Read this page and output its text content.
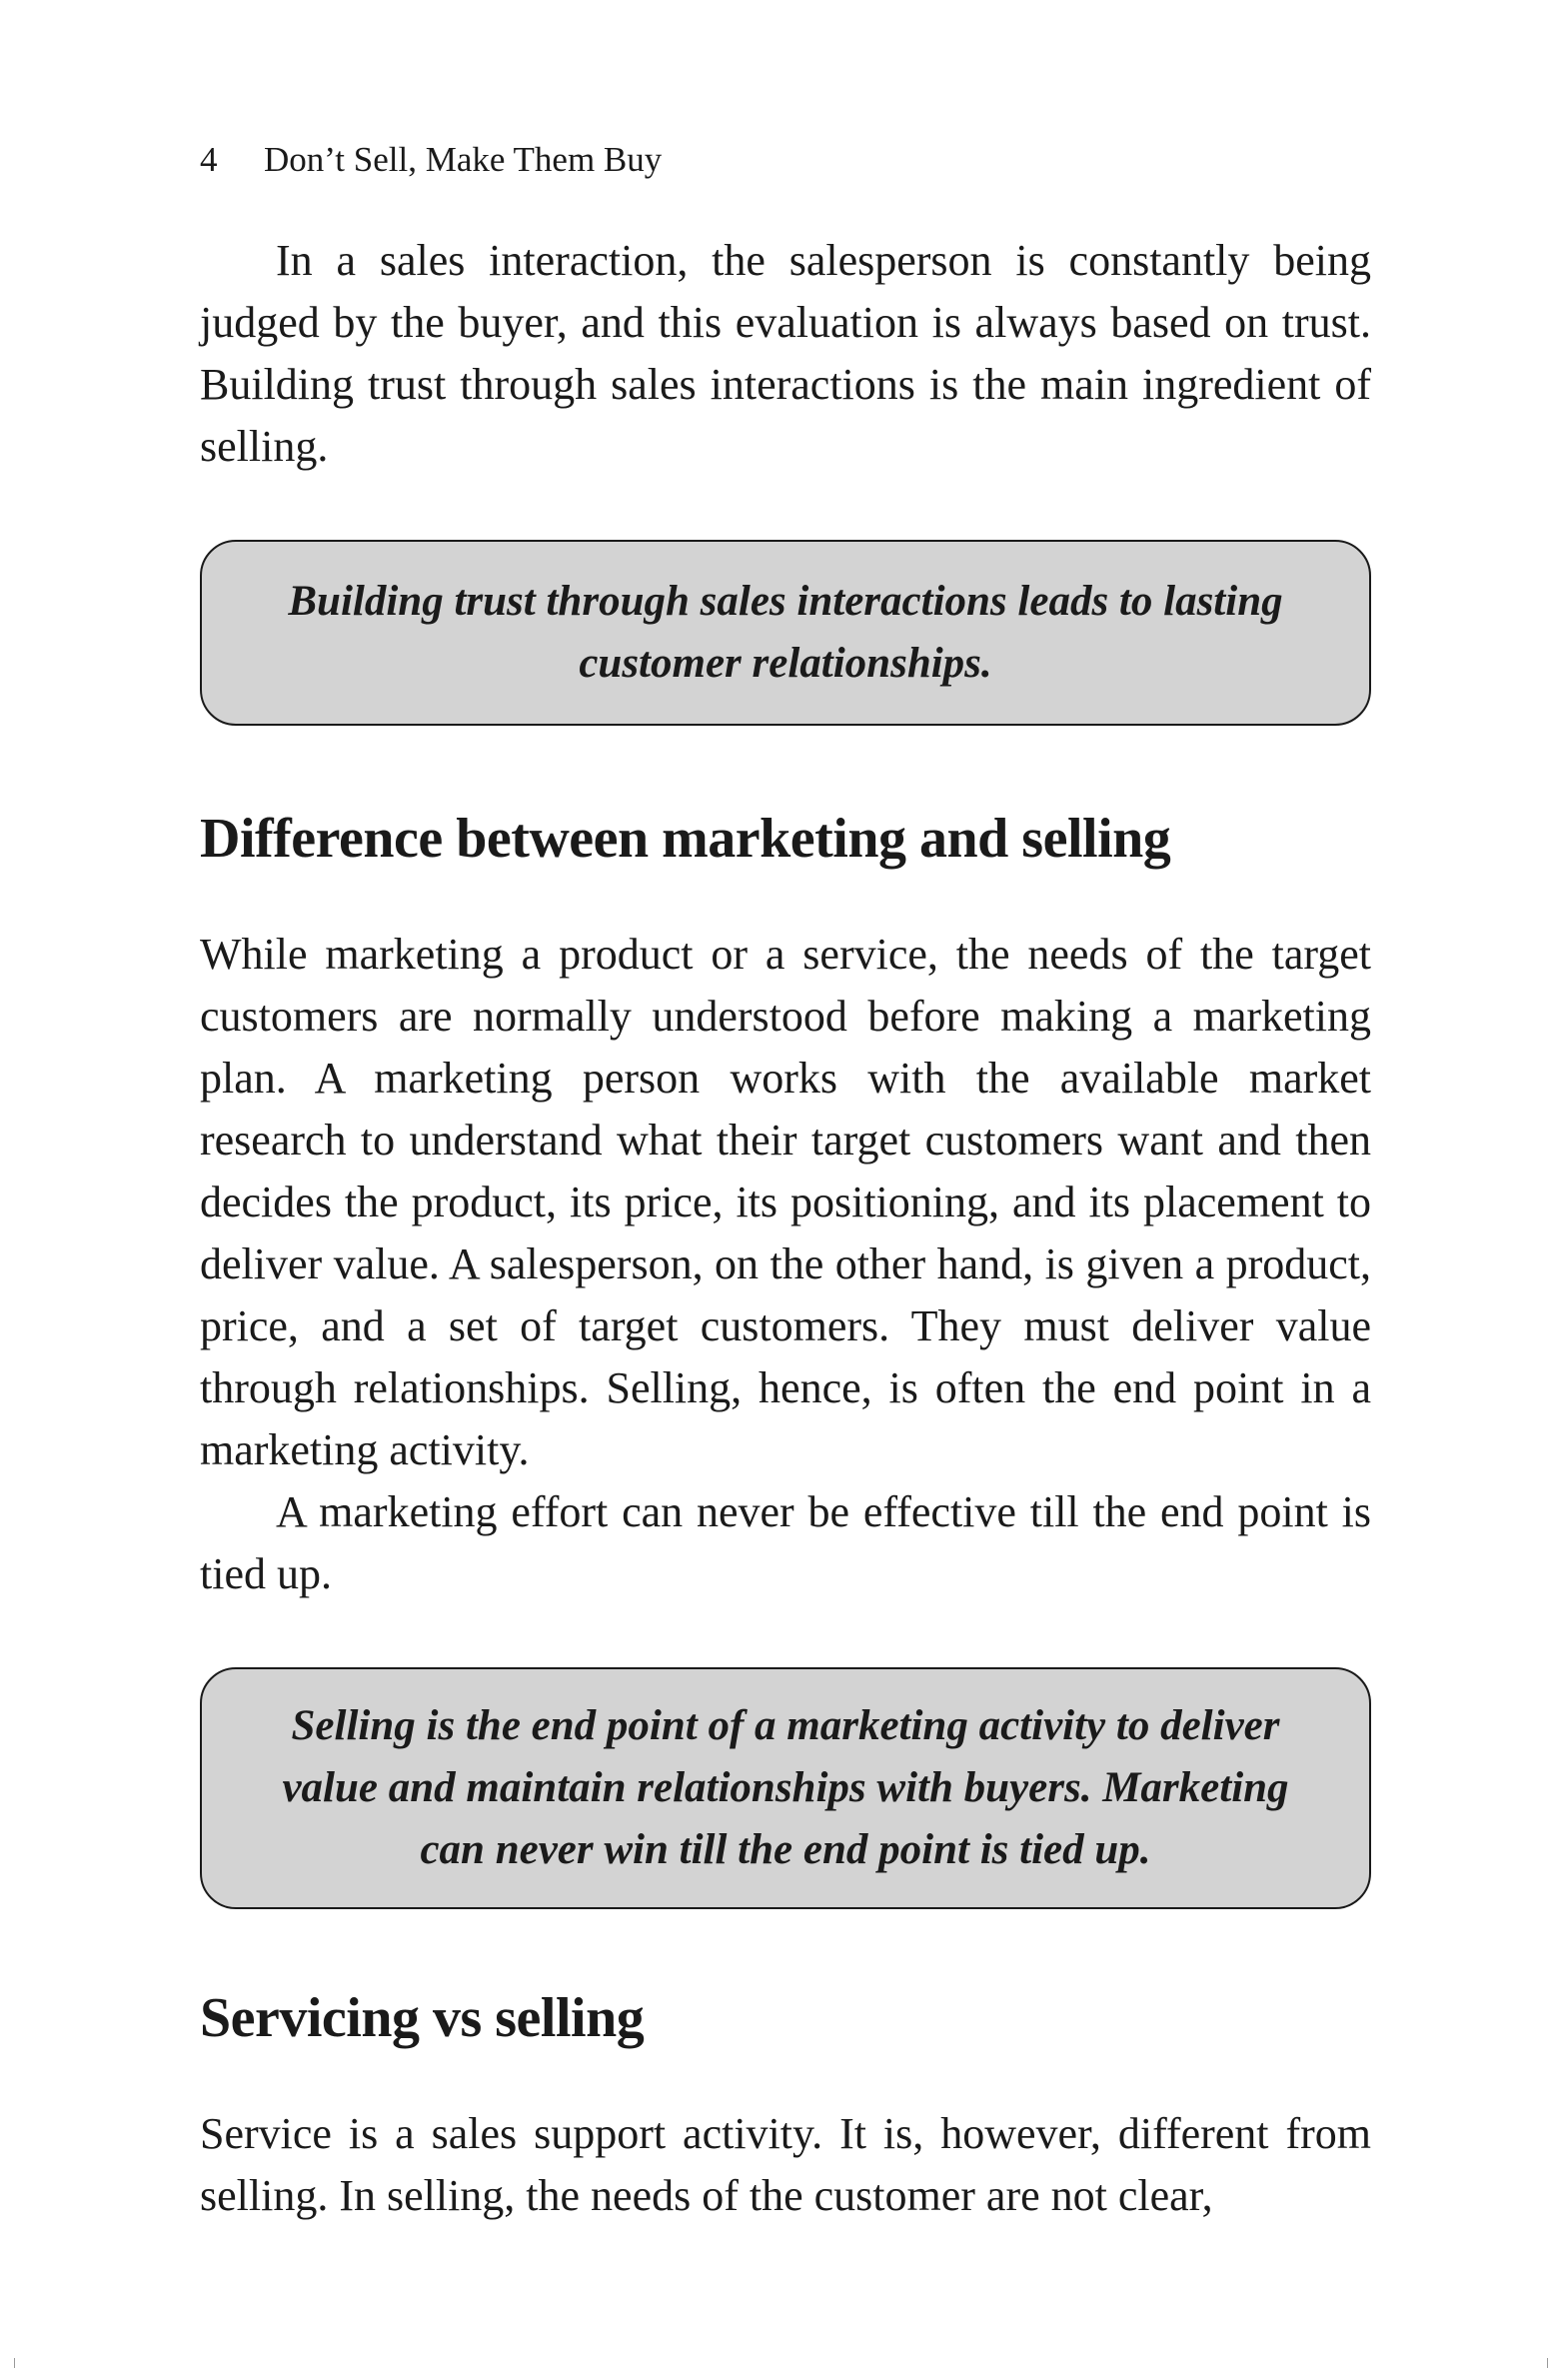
4 Don’t Sell, Make Them Buy

In a sales interaction, the salesperson is constantly being judged by the buyer, and this evaluation is always based on trust. Building trust through sales interactions is the main ingredient of selling.

Building trust through sales interactions leads to lasting customer relationships.
Difference between marketing and selling

While marketing a product or a service, the needs of the target customers are normally understood before making a marketing plan. A marketing person works with the available market research to understand what their target customers want and then decides the product, its price, its positioning, and its placement to deliver value. A salesperson, on the other hand, is given a product, price, and a set of target customers. They must deliver value through relationships. Selling, hence, is often the end point in a marketing activity.

A marketing effort can never be effective till the end point is tied up.

Selling is the end point of a marketing activity to deliver value and maintain relationships with buyers. Marketing can never win till the end point is tied up.
Servicing vs selling

Service is a sales support activity. It is, however, different from selling. In selling, the needs of the customer are not clear,
